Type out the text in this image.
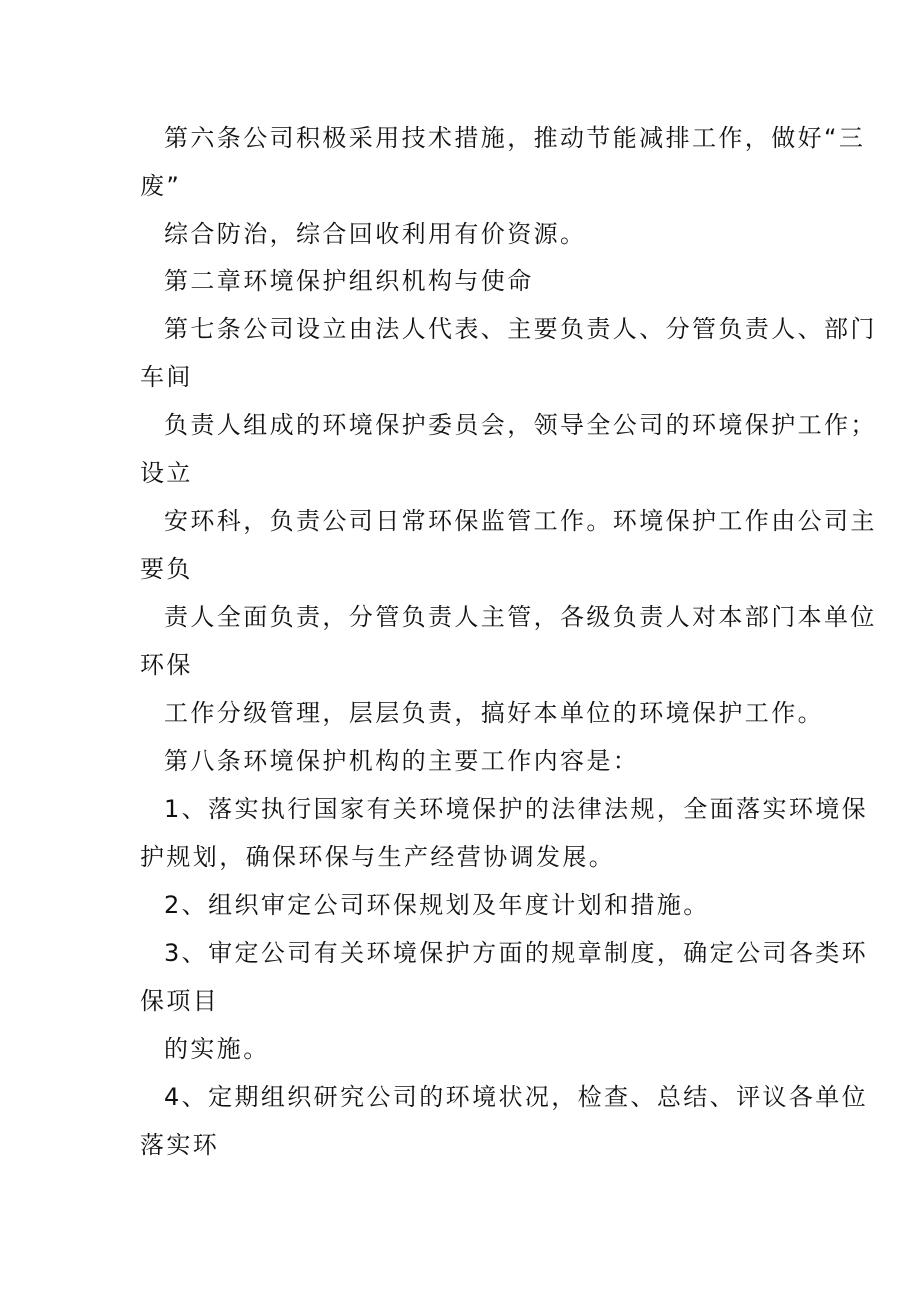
第六条公司积极采用技术措施，推动节能减排工作，做好“三
废”
综合防治，综合回收利用有价资源。
第二章环境保护组织机构与使命
第七条公司设立由法人代表、主要负责人、分管负责人、部门
车间
负责人组成的环境保护委员会，领导全公司的环境保护工作；
设立
安环科，负责公司日常环保监管工作。环境保护工作由公司主
要负
责人全面负责，分管负责人主管，各级负责人对本部门本单位
环保
工作分级管理，层层负责，搞好本单位的环境保护工作。
第八条环境保护机构的主要工作内容是：
1、落实执行国家有关环境保护的法律法规，全面落实环境保
护规划，确保环保与生产经营协调发展。
2、组织审定公司环保规划及年度计划和措施。
3、审定公司有关环境保护方面的规章制度，确定公司各类环
保项目
的实施。
4、定期组织研究公司的环境状况，检查、总结、评议各单位
落实环
